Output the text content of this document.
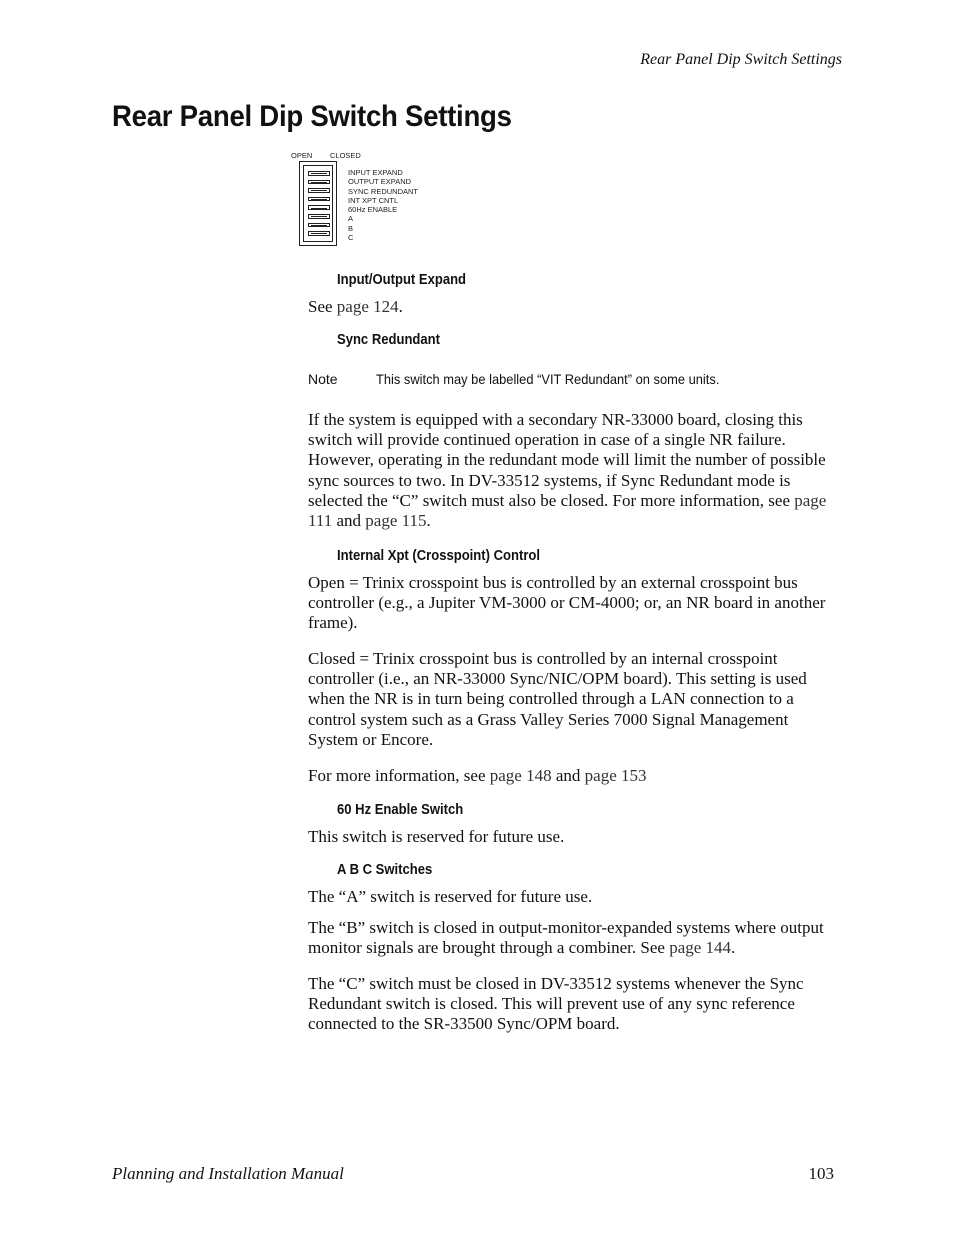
Rear Panel Dip Switch Settings
Rear Panel Dip Switch Settings
OPEN CLOSED
INPUT EXPAND
OUTPUT EXPAND
SYNC REDUNDANT
INT XPT CNTL
60Hz ENABLE
A
B
C
Input/Output Expand

See page 124.

Sync Redundant
Note	This switch may be labelled “VIT Redundant” on some units.

If the system is equipped with a secondary NR-33000 board, closing this switch will provide continued operation in case of a single NR failure. However, operating in the redundant mode will limit the number of possible sync sources to two. In DV-33512 systems, if Sync Redundant mode is selected the “C” switch must also be closed. For more information, see page 111 and page 115.

Internal Xpt (Crosspoint) Control

Open = Trinix crosspoint bus is controlled by an external crosspoint bus controller (e.g., a Jupiter VM-3000 or CM-4000; or, an NR board in another frame).

Closed = Trinix crosspoint bus is controlled by an internal crosspoint controller (i.e., an NR-33000 Sync/NIC/OPM board). This setting is used when the NR is in turn being controlled through a LAN connection to a control system such as a Grass Valley Series 7000 Signal Management System or Encore.

For more information, see page 148 and page 153

60 Hz Enable Switch

This switch is reserved for future use.

A B C Switches

The “A” switch is reserved for future use.

The “B” switch is closed in output-monitor-expanded systems where output monitor signals are brought through a combiner. See page 144.

The “C” switch must be closed in DV-33512 systems whenever the Sync Redundant switch is closed. This will prevent use of any sync reference connected to the SR-33500 Sync/OPM board.

Planning and Installation Manual	103
